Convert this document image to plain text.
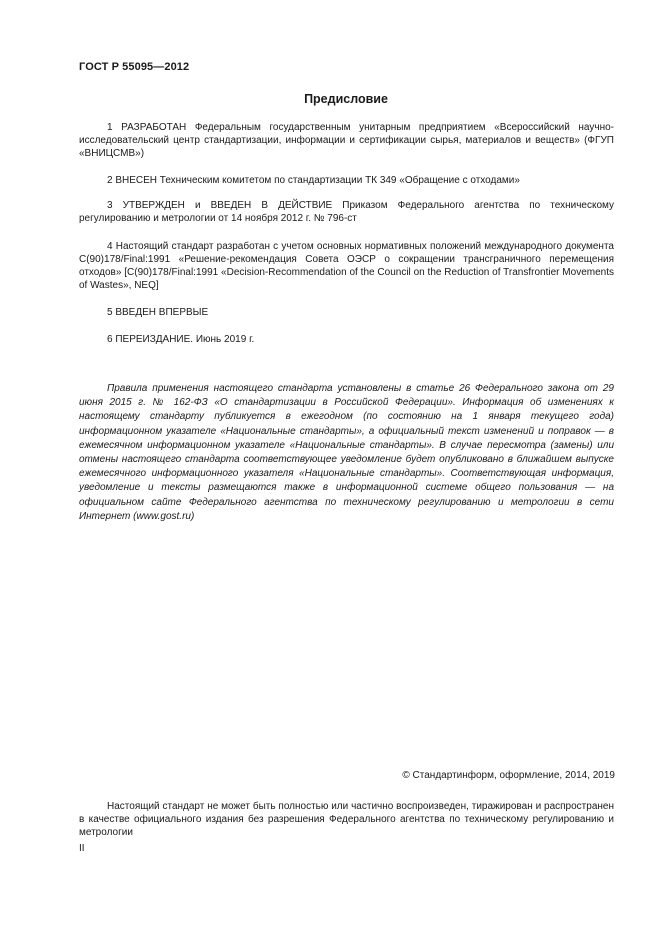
ГОСТ Р 55095—2012
Предисловие

1 РАЗРАБОТАН Федеральным государственным унитарным предприятием «Всероссийский научно-исследовательский центр стандартизации, информации и сертификации сырья, материалов и веществ» (ФГУП «ВНИЦСМВ»)

2 ВНЕСЕН Техническим комитетом по стандартизации ТК 349 «Обращение с отходами»

3 УТВЕРЖДЕН и ВВЕДЕН В ДЕЙСТВИЕ Приказом Федерального агентства по техническому регулированию и метрологии от 14 ноября 2012 г. № 796-ст

4 Настоящий стандарт разработан с учетом основных нормативных положений международного документа C(90)178/Final:1991 «Решение-рекомендация Совета ОЭСР о сокращении трансграничного перемещения отходов» [C(90)178/Final:1991 «Decision-Recommendation of the Council on the Reduction of Transfrontier Movements of Wastes», NEQ]

5 ВВЕДЕН ВПЕРВЫЕ

6 ПЕРЕИЗДАНИЕ. Июнь 2019 г.

Правила применения настоящего стандарта установлены в статье 26 Федерального закона от 29 июня 2015 г. № 162-ФЗ «О стандартизации в Российской Федерации». Информация об изменениях к настоящему стандарту публикуется в ежегодном (по состоянию на 1 января текущего года) информационном указателе «Национальные стандарты», а официальный текст изменений и поправок — в ежемесячном информационном указателе «Национальные стандарты». В случае пересмотра (замены) или отмены настоящего стандарта соответствующее уведомление будет опубликовано в ближайшем выпуске ежемесячного информационного указателя «Национальные стандарты». Соответствующая информация, уведомление и тексты размещаются также в информационной системе общего пользования — на официальном сайте Федерального агентства по техническому регулированию и метрологии в сети Интернет (www.gost.ru)

© Стандартинформ, оформление, 2014, 2019

Настоящий стандарт не может быть полностью или частично воспроизведен, тиражирован и распространен в качестве официального издания без разрешения Федерального агентства по техническому регулированию и метрологии

II
